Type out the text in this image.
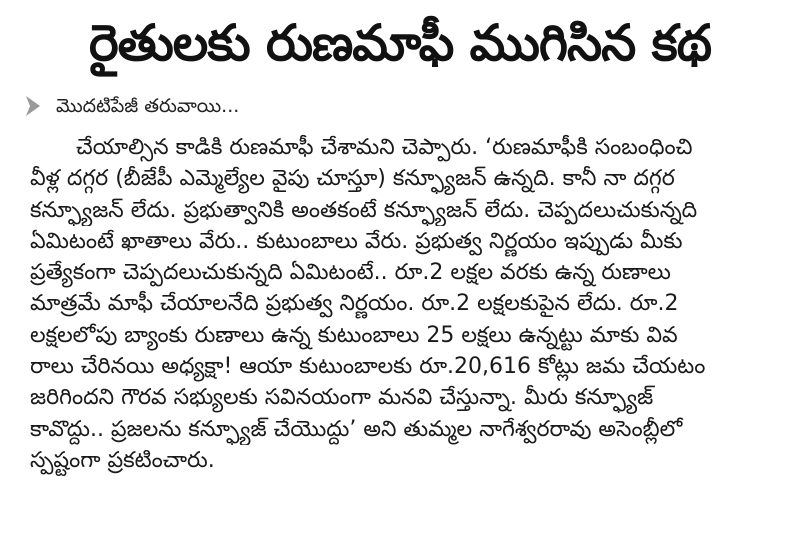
రైతులకు రుణమాఫీ ముగిసిన కథ
మొదటిపేజీ తరువాయి...
చేయాల్సిన కాడికి రుణమాఫీ చేశామని చెప్పారు. ‘రుణమాఫీకి సంబంధించి
వీళ్ల దగ్గర (బీజేపీ ఎమ్మెల్యేల వైపు చూస్తూ) కన్ఫ్యూజన్ ఉన్నది. కానీ నా దగ్గర
కన్ఫ్యూజన్ లేదు. ప్రభుత్వానికి అంతకంటే కన్ఫ్యూజన్ లేదు. చెప్పదలుచుకున్నది
ఏమిటంటే ఖాతాలు వేరు.. కుటుంబాలు వేరు. ప్రభుత్వ నిర్ణయం ఇప్పుడు మీకు
ప్రత్యేకంగా చెప్పదలుచుకున్నది ఏమిటంటే.. రూ.2 లక్షల వరకు ఉన్న రుణాలు
మాత్రమే మాఫీ చేయాలనేది ప్రభుత్వ నిర్ణయం. రూ.2 లక్షలకుపైన లేదు. రూ.2
లక్షలలోపు బ్యాంకు రుణాలు ఉన్న కుటుంబాలు 25 లక్షలు ఉన్నట్టు మాకు వివ
రాలు చేరినయి అధ్యక్షా! ఆయా కుటుంబాలకు రూ.20,616 కోట్లు జమ చేయటం
జరిగిందని గౌరవ సభ్యులకు సవినయంగా మనవి చేస్తున్నా. మీరు కన్ఫ్యూజ్
కావొద్దు.. ప్రజలను కన్ఫ్యూజ్ చేయొద్దు’ అని తుమ్మల నాగేశ్వరరావు అసెంబ్లీలో
స్పష్టంగా ప్రకటించారు.
